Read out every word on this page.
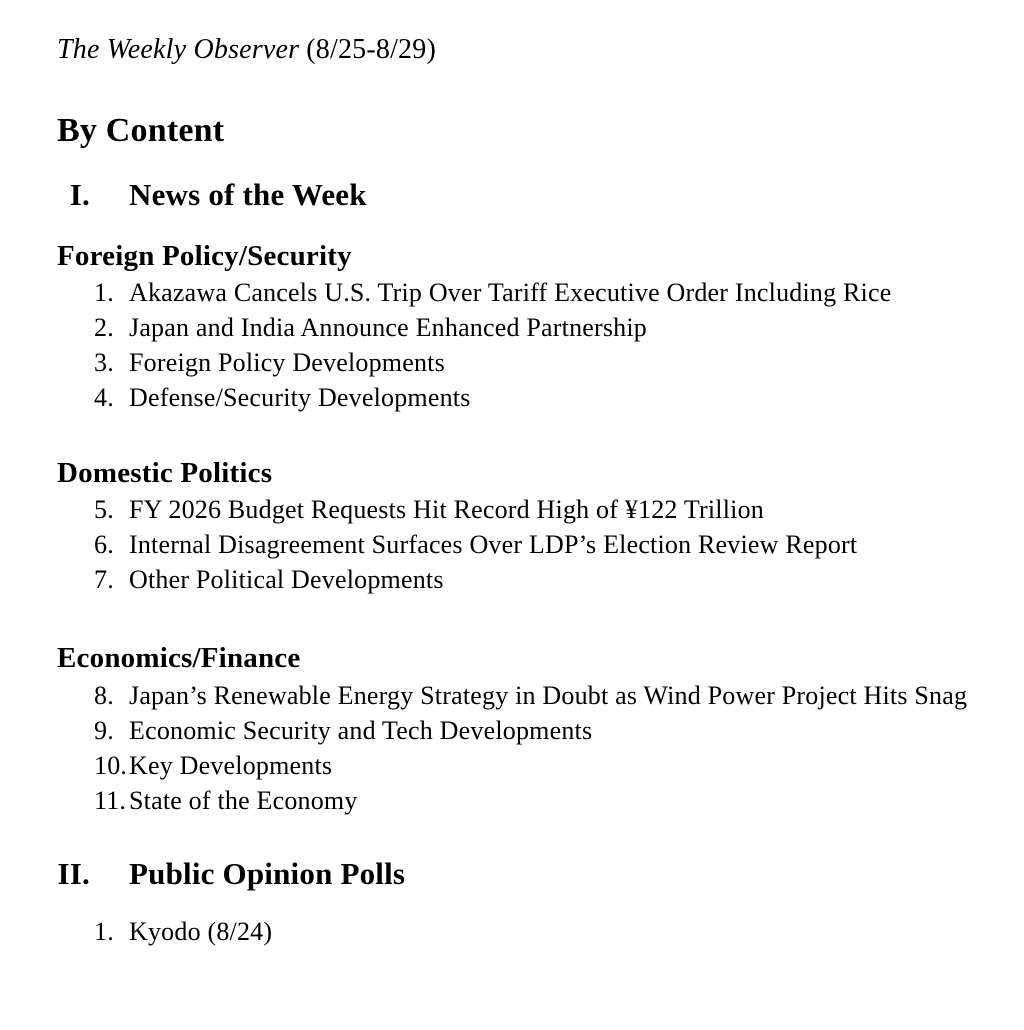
The Weekly Observer (8/25-8/29)

By Content
I. News of the Week
Foreign Policy/Security
1. Akazawa Cancels U.S. Trip Over Tariff Executive Order Including Rice
2. Japan and India Announce Enhanced Partnership
3. Foreign Policy Developments
4. Defense/Security Developments
Domestic Politics
5. FY 2026 Budget Requests Hit Record High of ¥122 Trillion
6. Internal Disagreement Surfaces Over LDP’s Election Review Report
7. Other Political Developments
Economics/Finance
8. Japan’s Renewable Energy Strategy in Doubt as Wind Power Project Hits Snag
9. Economic Security and Tech Developments
10. Key Developments
11. State of the Economy
II. Public Opinion Polls
1. Kyodo (8/24)
